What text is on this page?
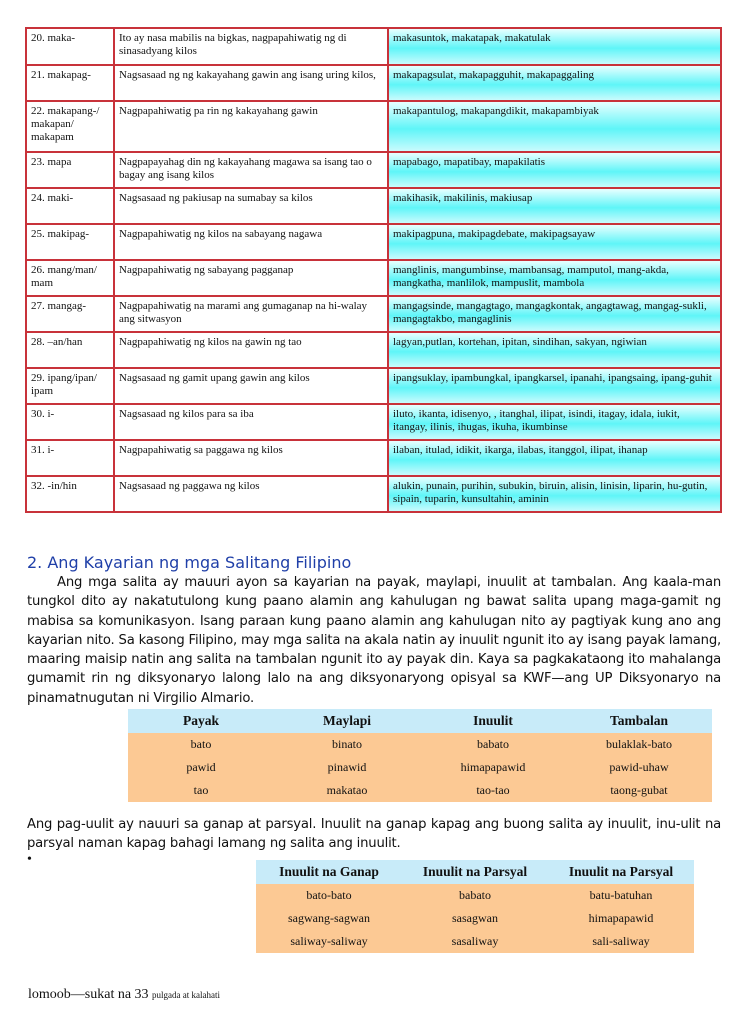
20. maka-	Ito ay nasa mabilis na bigkas, nagpapahiwatig ng di sinasadyang kilos	makasuntok, makatapak, makatulak
21. makapag-	Nagsasaad ng ng kakayahang gawin ang isang uring kilos,	makapagsulat, makapagguhit, makapaggaling
22. makapang-/ makapan/ makapam	Nagpapahiwatig pa rin ng kakayahang gawin	makapantulog, makapangdikit, makapambiyak
23. mapa	Nagpapayahag din ng kakayahang magawa sa isang tao o bagay ang isang kilos	mapabago, mapatibay, mapakilatis
24. maki-	Nagsasaad ng pakiusap na sumabay sa kilos	makihasik, makilinis, makiusap
25. makipag-	Nagpapahiwatig ng kilos na sabayang nagawa	makipagpuna, makipagdebate, makipagsayaw
26. mang/man/ mam	Nagpapahiwatig ng sabayang pagganap	manglinis, mangumbinse, mambansag, mamputol, mang-akda, mangkatha, manlilok, mampuslit, mambola
27. mangag-	Nagpapahiwatig na marami ang gumaganap na hi-walay ang sitwasyon	mangagsinde, mangagtago, mangagkontak, angagtawag, mangag-sukli, mangagtakbo, mangaglinis
28. –an/han	Nagpapahiwatig ng kilos na gawin ng tao	lagyan,putlan, kortehan, ipitan, sindihan, sakyan, ngiwian
29. ipang/ipan/ ipam	Nagsasaad ng gamit upang gawin ang kilos	ipangsuklay, ipambungkal, ipangkarsel, ipanahi, ipangsaing, ipang-guhit
30. i-	Nagsasaad ng kilos para sa iba	iluto, ikanta, idisenyo, , itanghal, ilipat, isindi, itagay, idala, iukit, itangay, ilinis, ihugas, ikuha, ikumbinse
31. i-	Nagpapahiwatig sa paggawa ng kilos	ilaban, itulad, idikit, ikarga, ilabas, itanggol, ilipat, ihanap
32. -in/hin	Nagsasaad ng paggawa ng kilos	alukin, punain, purihin, subukin, biruin, alisin, linisin, liparin, hu-gutin, sipain, tuparin, kunsultahin, aminin
2. Ang Kayarian ng mga Salitang Filipino

Ang mga salita ay mauuri ayon sa kayarian na payak, maylapi, inuulit at tambalan. Ang kaala-man tungkol dito ay nakatutulong kung paano alamin ang kahulugan ng bawat salita upang maga-gamit ng mabisa sa komunikasyon. Isang paraan kung paano alamin ang kahulugan nito ay pagtiyak kung ano ang kayarian nito. Sa kasong Filipino, may mga salita na akala natin ay inuulit ngunit ito ay isang payak lamang, maaring maisip natin ang salita na tambalan ngunit ito ay payak din. Kaya sa pagkakataong ito mahalanga gumamit rin ng diksyonaryo lalong lalo na ang diksyonaryong opisyal sa KWF—ang UP Diksyonaryo na pinamatnugutan ni Virgilio Almario.

Payak	Maylapi	Inuulit	Tambalan
bato	binato	babato	bulaklak-bato
pawid	pinawid	himapapawid	pawid-uhaw
tao	makatao	tao-tao	taong-gubat

Ang pag-uulit ay nauuri sa ganap at parsyal. Inuulit na ganap kapag ang buong salita ay inuulit, inu-ulit na parsyal naman kapag bahagi lamang ng salita ang inuulit.

•
Inuulit na Ganap	Inuulit na Parsyal	Inuulit na Parsyal
bato-bato	babato	batu-batuhan
sagwang-sagwan	sasagwan	himapapawid
saliway-saliway	sasaliway	sali-saliway
lomoob—sukat na 33 pulgada at kalahati
